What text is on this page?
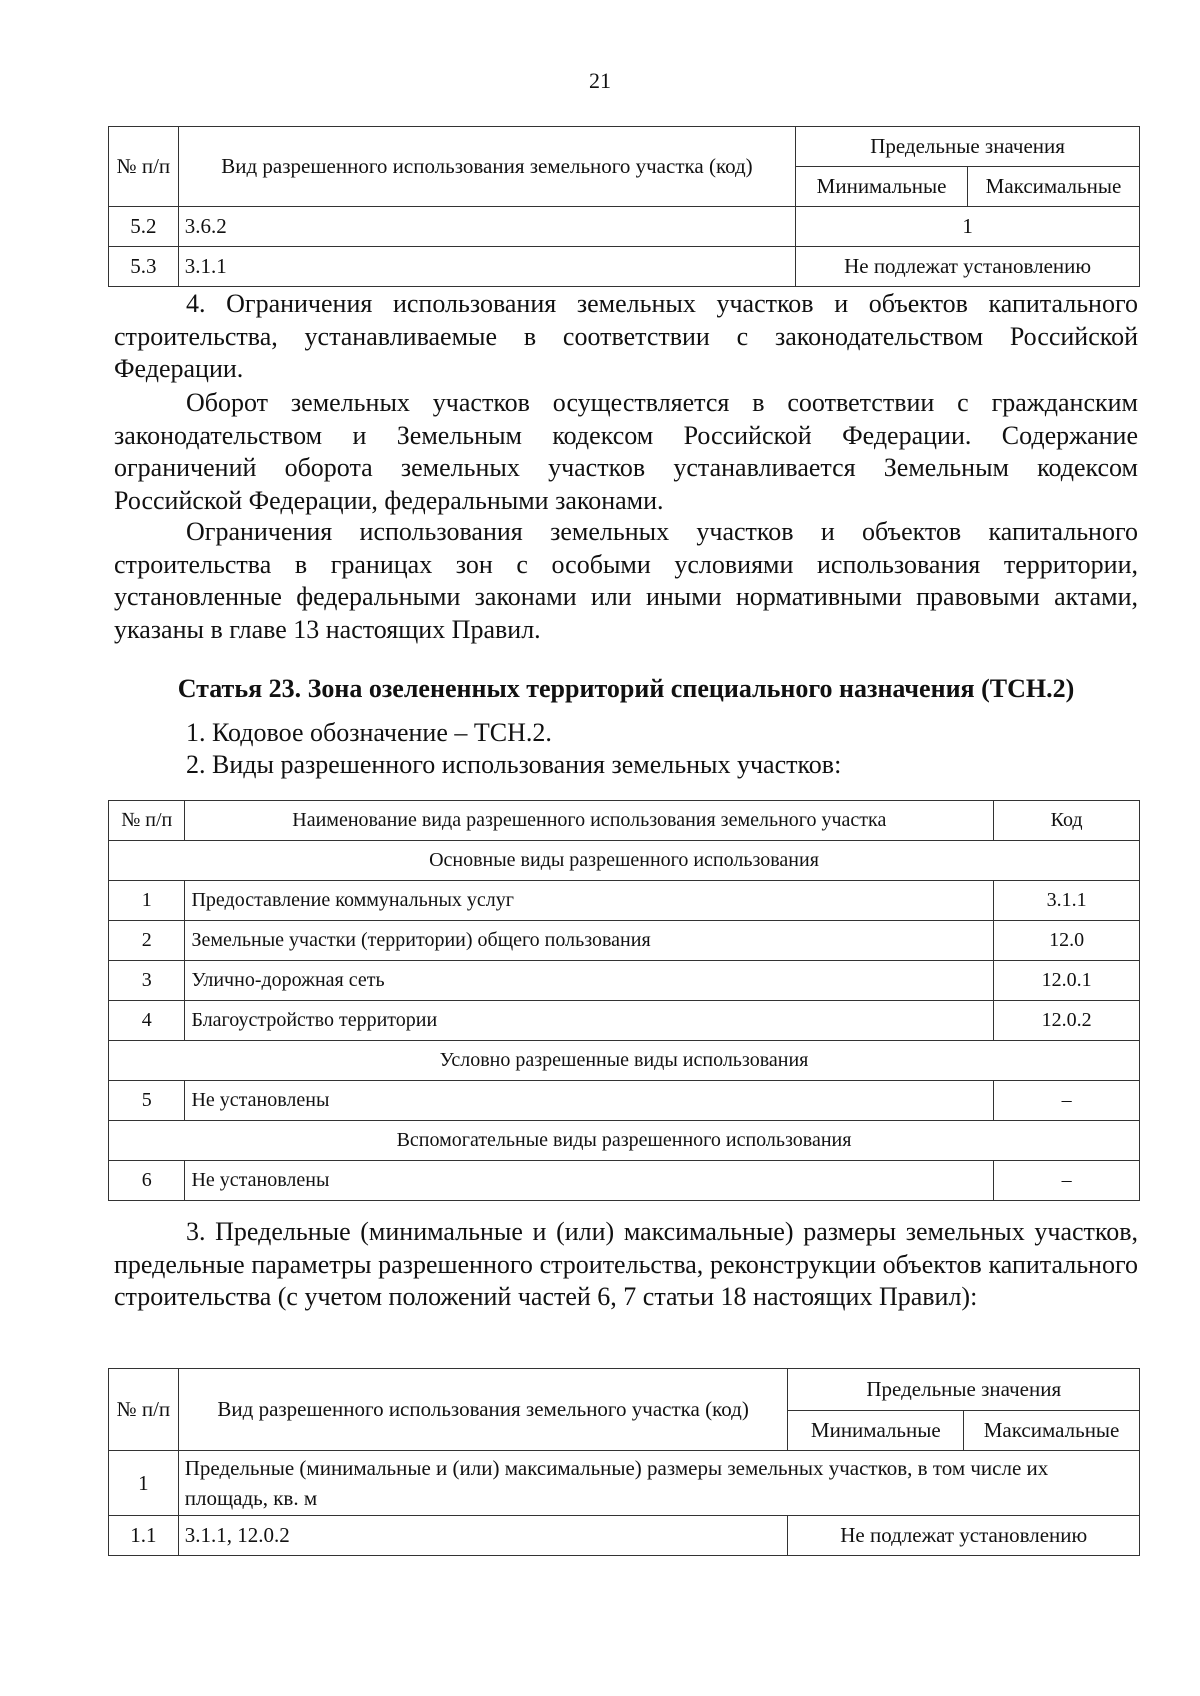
21
№ п/п	Вид разрешенного использования земельного участка (код)	Предельные значения	
		Минимальные	Максимальные
5.2	3.6.2	1	
5.3	3.1.1	Не подлежат установлению	

4. Ограничения использования земельных участков и объектов капитального строительства, устанавливаемые в соответствии с законодательством Российской Федерации.

Оборот земельных участков осуществляется в соответствии с гражданским законодательством и Земельным кодексом Российской Федерации. Содержание ограничений оборота земельных участков устанавливается Земельным кодексом Российской Федерации, федеральными законами.

Ограничения использования земельных участков и объектов капитального строительства в границах зон с особыми условиями использования территории, установленные федеральными законами или иными нормативными правовыми актами, указаны в главе 13 настоящих Правил.

Статья 23. Зона озелененных территорий специального назначения (ТСН.2)

1. Кодовое обозначение – ТСН.2.

2. Виды разрешенного использования земельных участков:

№ п/п	Наименование вида разрешенного использования земельного участка	Код
Основные виды разрешенного использования		
1	Предоставление коммунальных услуг	3.1.1
2	Земельные участки (территории) общего пользования	12.0
3	Улично-дорожная сеть	12.0.1
4	Благоустройство территории	12.0.2
Условно разрешенные виды использования		
5	Не установлены	–
Вспомогательные виды разрешенного использования		
6	Не установлены	–

3. Предельные (минимальные и (или) максимальные) размеры земельных участков, предельные параметры разрешенного строительства, реконструкции объектов капитального строительства (с учетом положений частей 6, 7 статьи 18 настоящих Правил):

№ п/п	Вид разрешенного использования земельного участка (код)	Предельные значения	
		Минимальные	Максимальные
1	Предельные (минимальные и (или) максимальные) размеры земельных участков, в том числе их площадь, кв. м		
1.1	3.1.1, 12.0.2	Не подлежат установлению	
